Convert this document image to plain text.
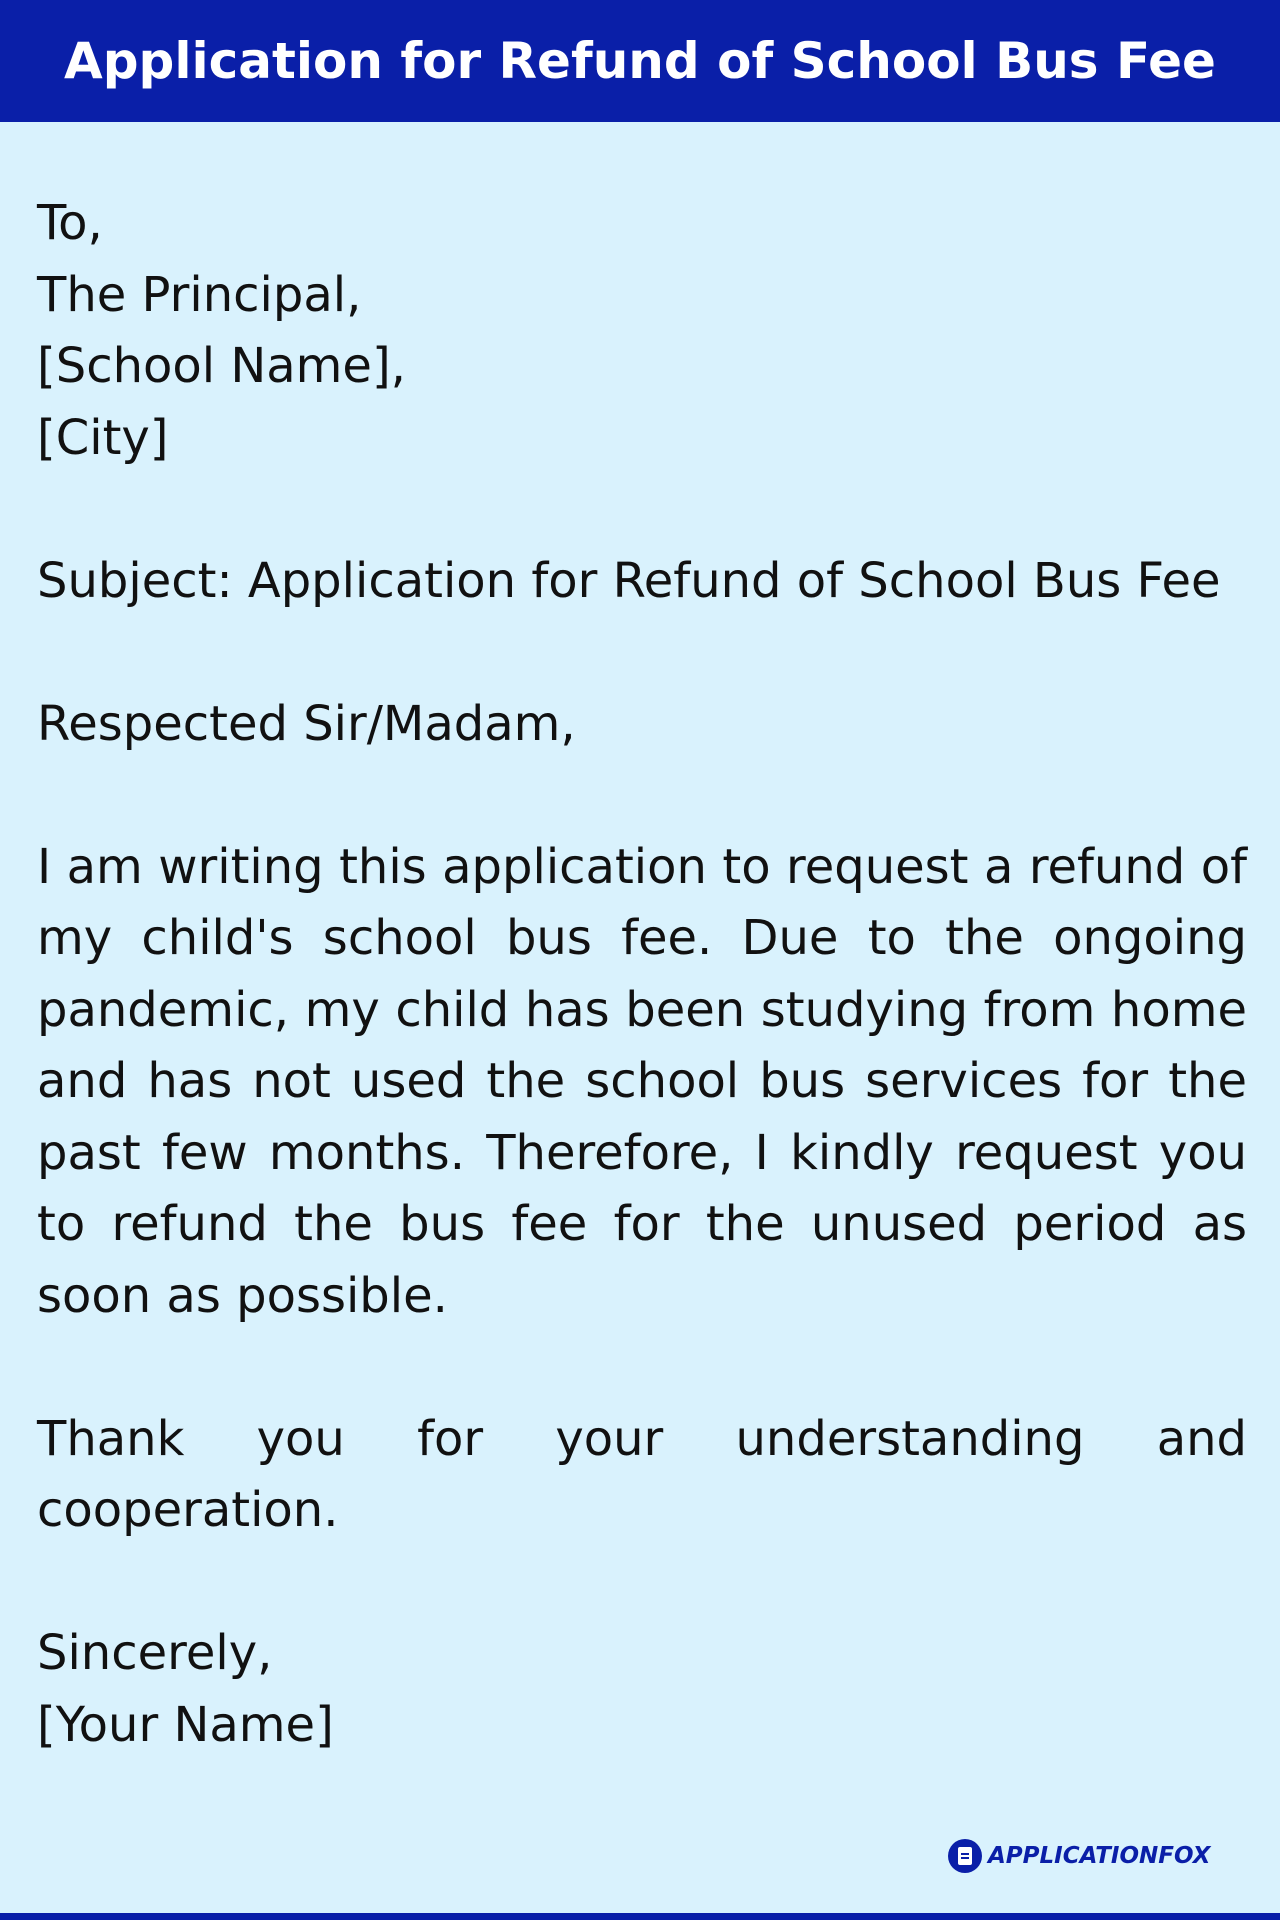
Application for Refund of School Bus Fee
To,
The Principal,
[School Name],
[City]

Subject: Application for Refund of School Bus Fee

Respected Sir/Madam,

I am writing this application to request a refund of my child's school bus fee. Due to the ongoing pandemic, my child has been studying from home and has not used the school bus services for the past few months. Therefore, I kindly request you to refund the bus fee for the unused period as soon as possible.

Thank you for your understanding and cooperation.

Sincerely,
[Your Name]
APPLICATIONFOX
